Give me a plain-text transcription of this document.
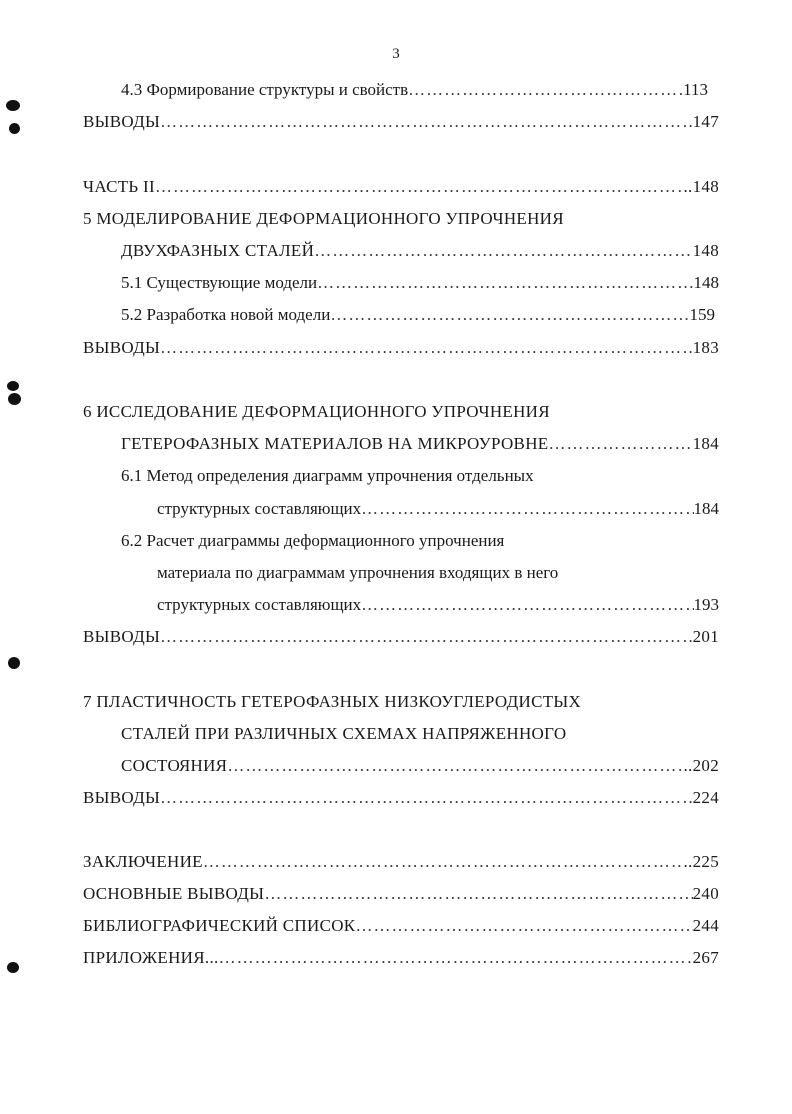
3
4.3 Формирование структуры и свойств …………………………………………………………………………………………………………………………………………………………………………………………………	113
ВЫВОДЫ …………………………………………………………………………………………………………………………………………………………………………………………………	147
ЧАСТЬ II …………………………………………………………………………………………………………………………………………………………………………………………………	..148
5 МОДЕЛИРОВАНИЕ ДЕФОРМАЦИОННОГО УПРОЧНЕНИЯ
ДВУХФАЗНЫХ СТАЛЕЙ …………………………………………………………………………………………………………………………………………………………………………………………………	148
5.1 Существующие модели …………………………………………………………………………………………………………………………………………………………………………………………………	148
5.2 Разработка новой модели …………………………………………………………………………………………………………………………………………………………………………………………………	159
ВЫВОДЫ …………………………………………………………………………………………………………………………………………………………………………………………………	183
6 ИССЛЕДОВАНИЕ ДЕФОРМАЦИОННОГО УПРОЧНЕНИЯ
ГЕТЕРОФАЗНЫХ МАТЕРИАЛОВ НА МИКРОУРОВНЕ …………………………………………………………………………………………………………………………………………………………………………………………………	184
6.1 Метод определения диаграмм упрочнения отдельных
структурных составляющих …………………………………………………………………………………………………………………………………………………………………………………………………	184
6.2 Расчет диаграммы деформационного упрочнения
материала по диаграммам упрочнения входящих в него
структурных составляющих …………………………………………………………………………………………………………………………………………………………………………………………………	193
ВЫВОДЫ …………………………………………………………………………………………………………………………………………………………………………………………………	201
7 ПЛАСТИЧНОСТЬ ГЕТЕРОФАЗНЫХ НИЗКОУГЛЕРОДИСТЫХ
СТАЛЕЙ ПРИ РАЗЛИЧНЫХ СХЕМАХ НАПРЯЖЕННОГО
СОСТОЯНИЯ …………………………………………………………………………………………………………………………………………………………………………………………………	..202
ВЫВОДЫ …………………………………………………………………………………………………………………………………………………………………………………………………	224
ЗАКЛЮЧЕНИЕ …………………………………………………………………………………………………………………………………………………………………………………………………	..225
ОСНОВНЫЕ ВЫВОДЫ …………………………………………………………………………………………………………………………………………………………………………………………………	240
БИБЛИОГРАФИЧЕСКИЙ СПИСОК …………………………………………………………………………………………………………………………………………………………………………………………………	244
ПРИЛОЖЕНИЯ... …………………………………………………………………………………………………………………………………………………………………………………………………	267
